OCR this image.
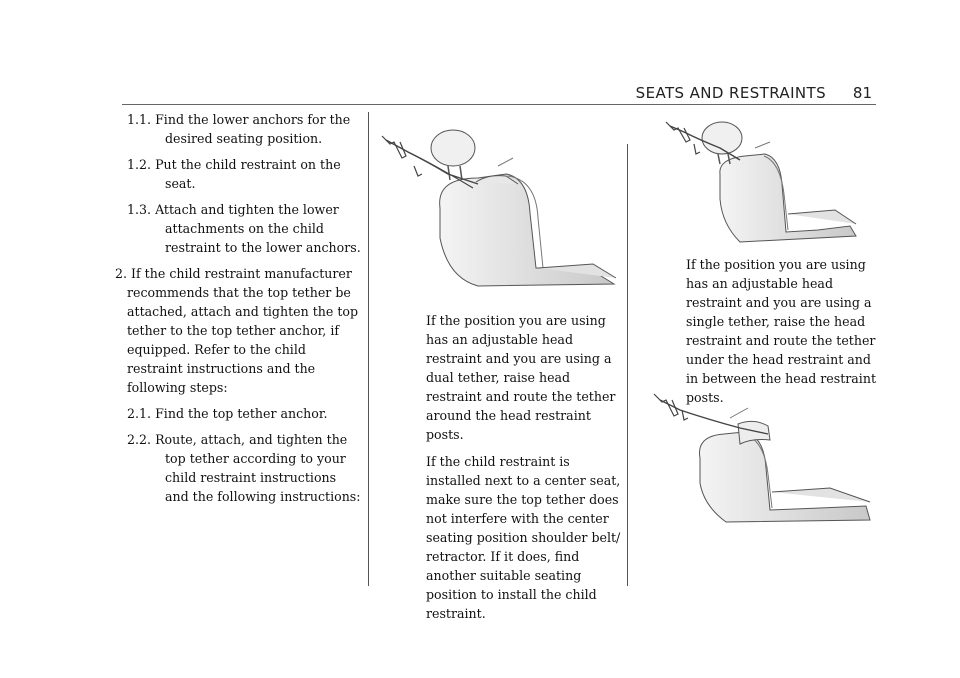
SEATS AND RESTRAINTS 81
1.1. Find the lower anchors for the desired seating position.
1.2. Put the child restraint on the seat.
1.3. Attach and tighten the lower attachments on the child restraint to the lower anchors.
2. If the child restraint manufacturer recommends that the top tether be attached, attach and tighten the top tether to the top tether anchor, if equipped. Refer to the child restraint instructions and the following steps:
2.1. Find the top tether anchor.
2.2. Route, attach, and tighten the top tether according to your child restraint instructions and the following instructions:

If the position you are using has an adjustable head restraint and you are using a dual tether, raise head restraint and route the tether around the head restraint posts.

If the child restraint is installed next to a center seat, make sure the top tether does not interfere with the center seating position shoulder belt/ retractor. If it does, find another suitable seating position to install the child restraint.

If the position you are using has an adjustable head restraint and you are using a single tether, raise the head restraint and route the tether under the head restraint and in between the head restraint posts.
